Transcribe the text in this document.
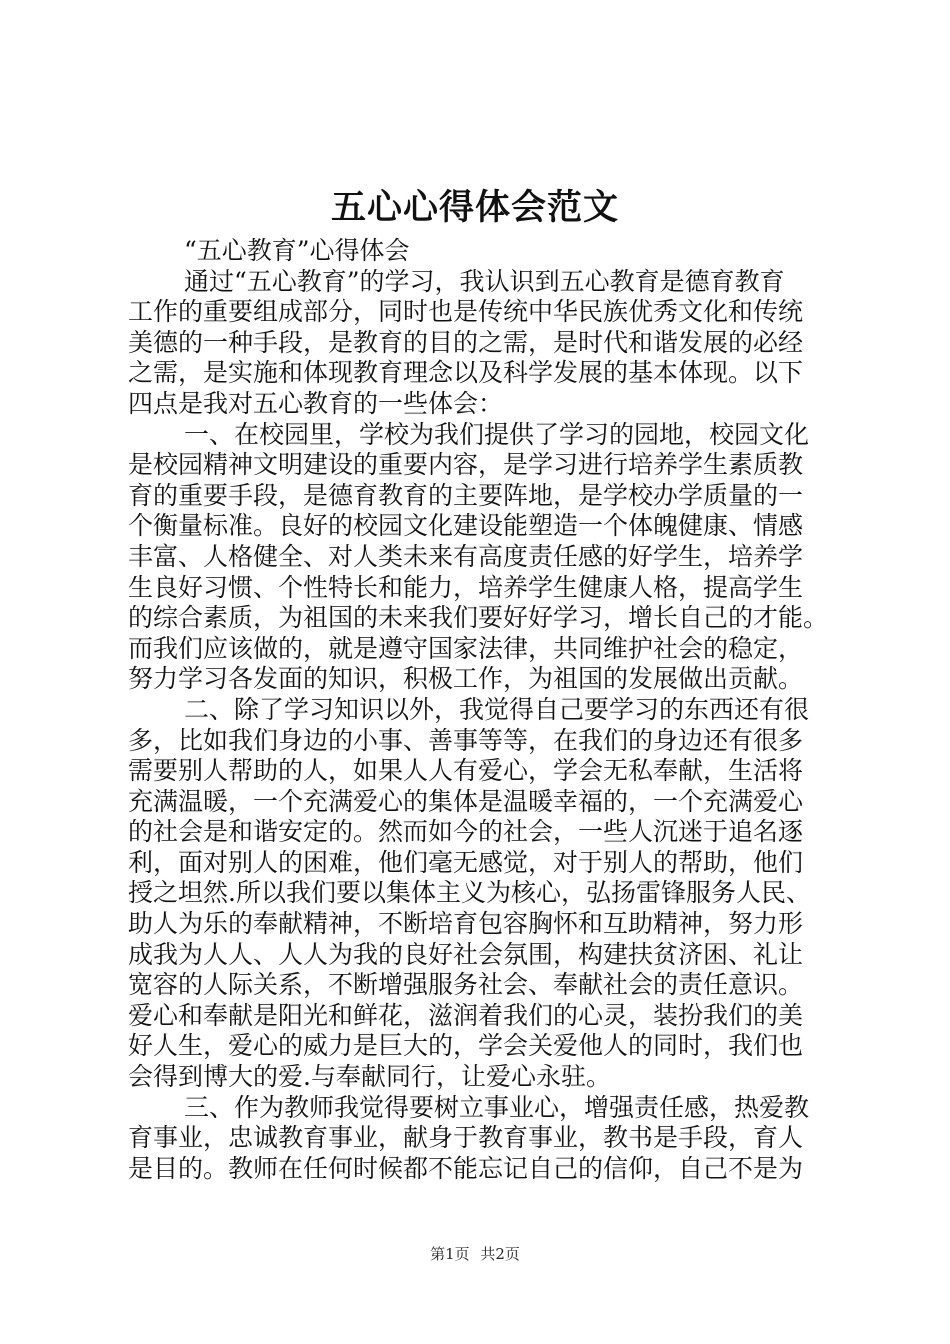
五心心得体会范文
“五心教育”心得体会
通过“五心教育”的学习，我认识到五心教育是德育教育
工作的重要组成部分，同时也是传统中华民族优秀文化和传统
美德的一种手段，是教育的目的之需，是时代和谐发展的必经
之需，是实施和体现教育理念以及科学发展的基本体现。以下
四点是我对五心教育的一些体会：
一、在校园里，学校为我们提供了学习的园地，校园文化
是校园精神文明建设的重要内容，是学习进行培养学生素质教
育的重要手段，是德育教育的主要阵地，是学校办学质量的一
个衡量标准。良好的校园文化建设能塑造一个体魄健康、情感
丰富、人格健全、对人类未来有高度责任感的好学生，培养学
生良好习惯、个性特长和能力，培养学生健康人格，提高学生
的综合素质，为祖国的未来我们要好好学习，增长自己的才能。
而我们应该做的，就是遵守国家法律，共同维护社会的稳定，
努力学习各发面的知识，积极工作，为祖国的发展做出贡献。
二、除了学习知识以外，我觉得自己要学习的东西还有很
多，比如我们身边的小事、善事等等，在我们的身边还有很多
需要别人帮助的人，如果人人有爱心，学会无私奉献，生活将
充满温暖，一个充满爱心的集体是温暖幸福的，一个充满爱心
的社会是和谐安定的。然而如今的社会，一些人沉迷于追名逐
利，面对别人的困难，他们毫无感觉，对于别人的帮助，他们
授之坦然.所以我们要以集体主义为核心，弘扬雷锋服务人民、
助人为乐的奉献精神，不断培育包容胸怀和互助精神，努力形
成我为人人、人人为我的良好社会氛围，构建扶贫济困、礼让
宽容的人际关系，不断增强服务社会、奉献社会的责任意识。
爱心和奉献是阳光和鲜花，滋润着我们的心灵，装扮我们的美
好人生，爱心的威力是巨大的，学会关爱他人的同时，我们也
会得到博大的爱.与奉献同行，让爱心永驻。
三、作为教师我觉得要树立事业心，增强责任感，热爱教
育事业，忠诚教育事业，献身于教育事业，教书是手段，育人
是目的。教师在任何时候都不能忘记自己的信仰，自己不是为
第1页 共2页
